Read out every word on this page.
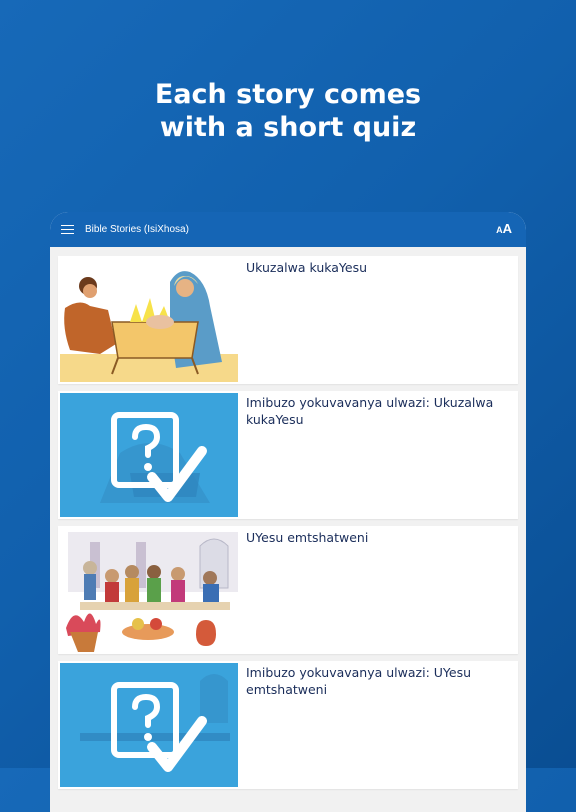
Each story comes
with a short quiz
Bible Stories (IsiXhosa)	AA
Ukuzalwa kukaYesu
Imibuzo yokuvavanya ulwazi: Ukuzalwa kukaYesu
UYesu emtshatweni
Imibuzo yokuvavanya ulwazi: UYesu emtshatweni
